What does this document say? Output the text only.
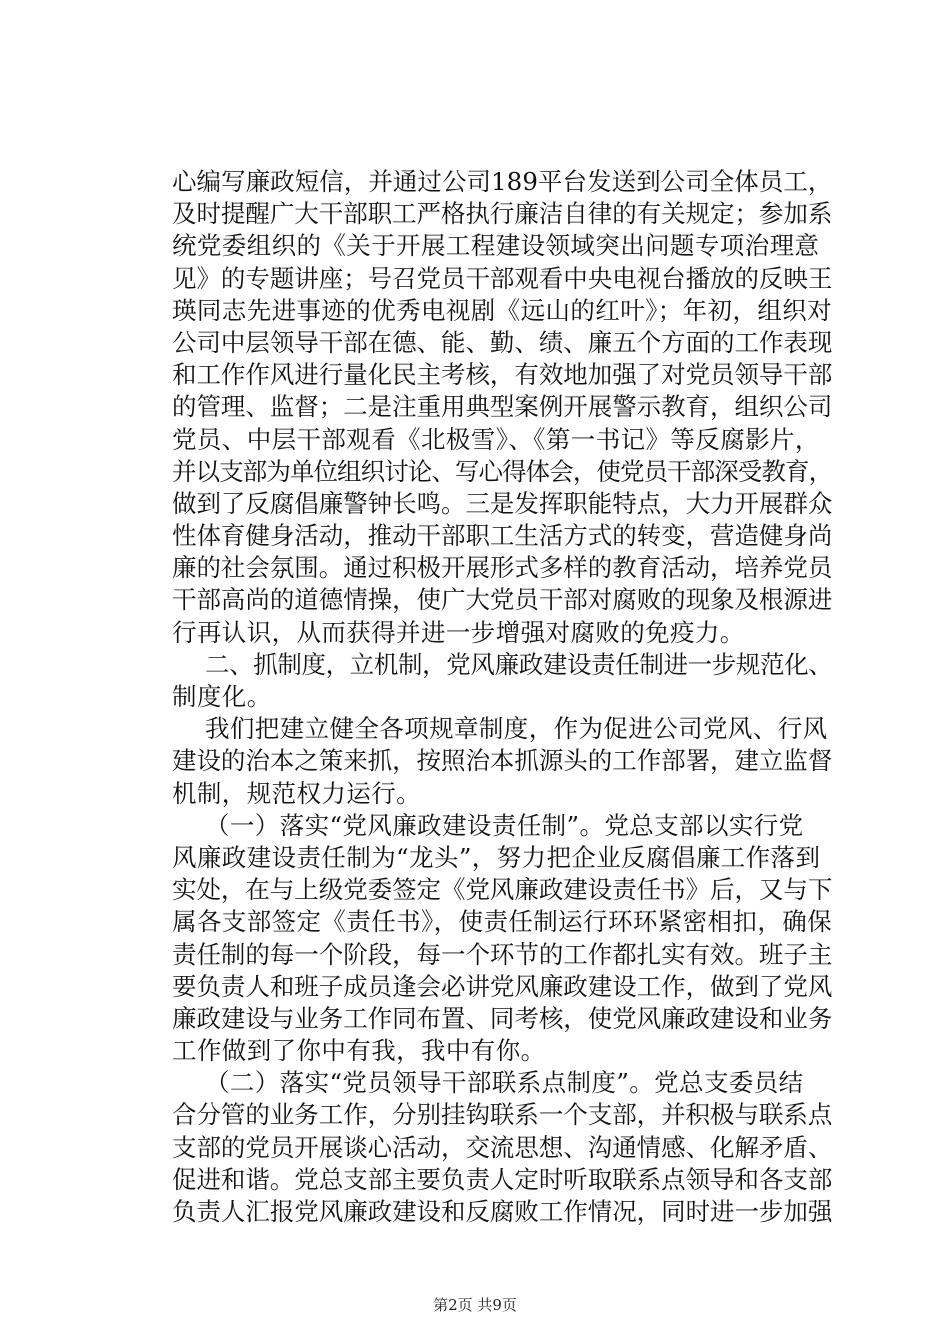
心编写廉政短信，并通过公司189平台发送到公司全体员工，
及时提醒广大干部职工严格执行廉洁自律的有关规定；参加系
统党委组织的《关于开展工程建设领域突出问题专项治理意
见》的专题讲座；号召党员干部观看中央电视台播放的反映王
瑛同志先进事迹的优秀电视剧《远山的红叶》；年初，组织对
公司中层领导干部在德、能、勤、绩、廉五个方面的工作表现
和工作作风进行量化民主考核，有效地加强了对党员领导干部
的管理、监督；二是注重用典型案例开展警示教育，组织公司
党员、中层干部观看《北极雪》、《第一书记》等反腐影片，
并以支部为单位组织讨论、写心得体会，使党员干部深受教育，
做到了反腐倡廉警钟长鸣。三是发挥职能特点，大力开展群众
性体育健身活动，推动干部职工生活方式的转变，营造健身尚
廉的社会氛围。通过积极开展形式多样的教育活动，培养党员
干部高尚的道德情操，使广大党员干部对腐败的现象及根源进
行再认识，从而获得并进一步增强对腐败的免疫力。
二、抓制度，立机制，党风廉政建设责任制进一步规范化、
制度化。
我们把建立健全各项规章制度，作为促进公司党风、行风
建设的治本之策来抓，按照治本抓源头的工作部署，建立监督
机制，规范权力运行。
（一）落实“党风廉政建设责任制”。党总支部以实行党
风廉政建设责任制为“龙头”，努力把企业反腐倡廉工作落到
实处，在与上级党委签定《党风廉政建设责任书》后，又与下
属各支部签定《责任书》，使责任制运行环环紧密相扣，确保
责任制的每一个阶段，每一个环节的工作都扎实有效。班子主
要负责人和班子成员逢会必讲党风廉政建设工作，做到了党风
廉政建设与业务工作同布置、同考核，使党风廉政建设和业务
工作做到了你中有我，我中有你。
（二）落实“党员领导干部联系点制度”。党总支委员结
合分管的业务工作，分别挂钩联系一个支部，并积极与联系点
支部的党员开展谈心活动，交流思想、沟通情感、化解矛盾、
促进和谐。党总支部主要负责人定时听取联系点领导和各支部
负责人汇报党风廉政建设和反腐败工作情况，同时进一步加强
第2页 共9页
